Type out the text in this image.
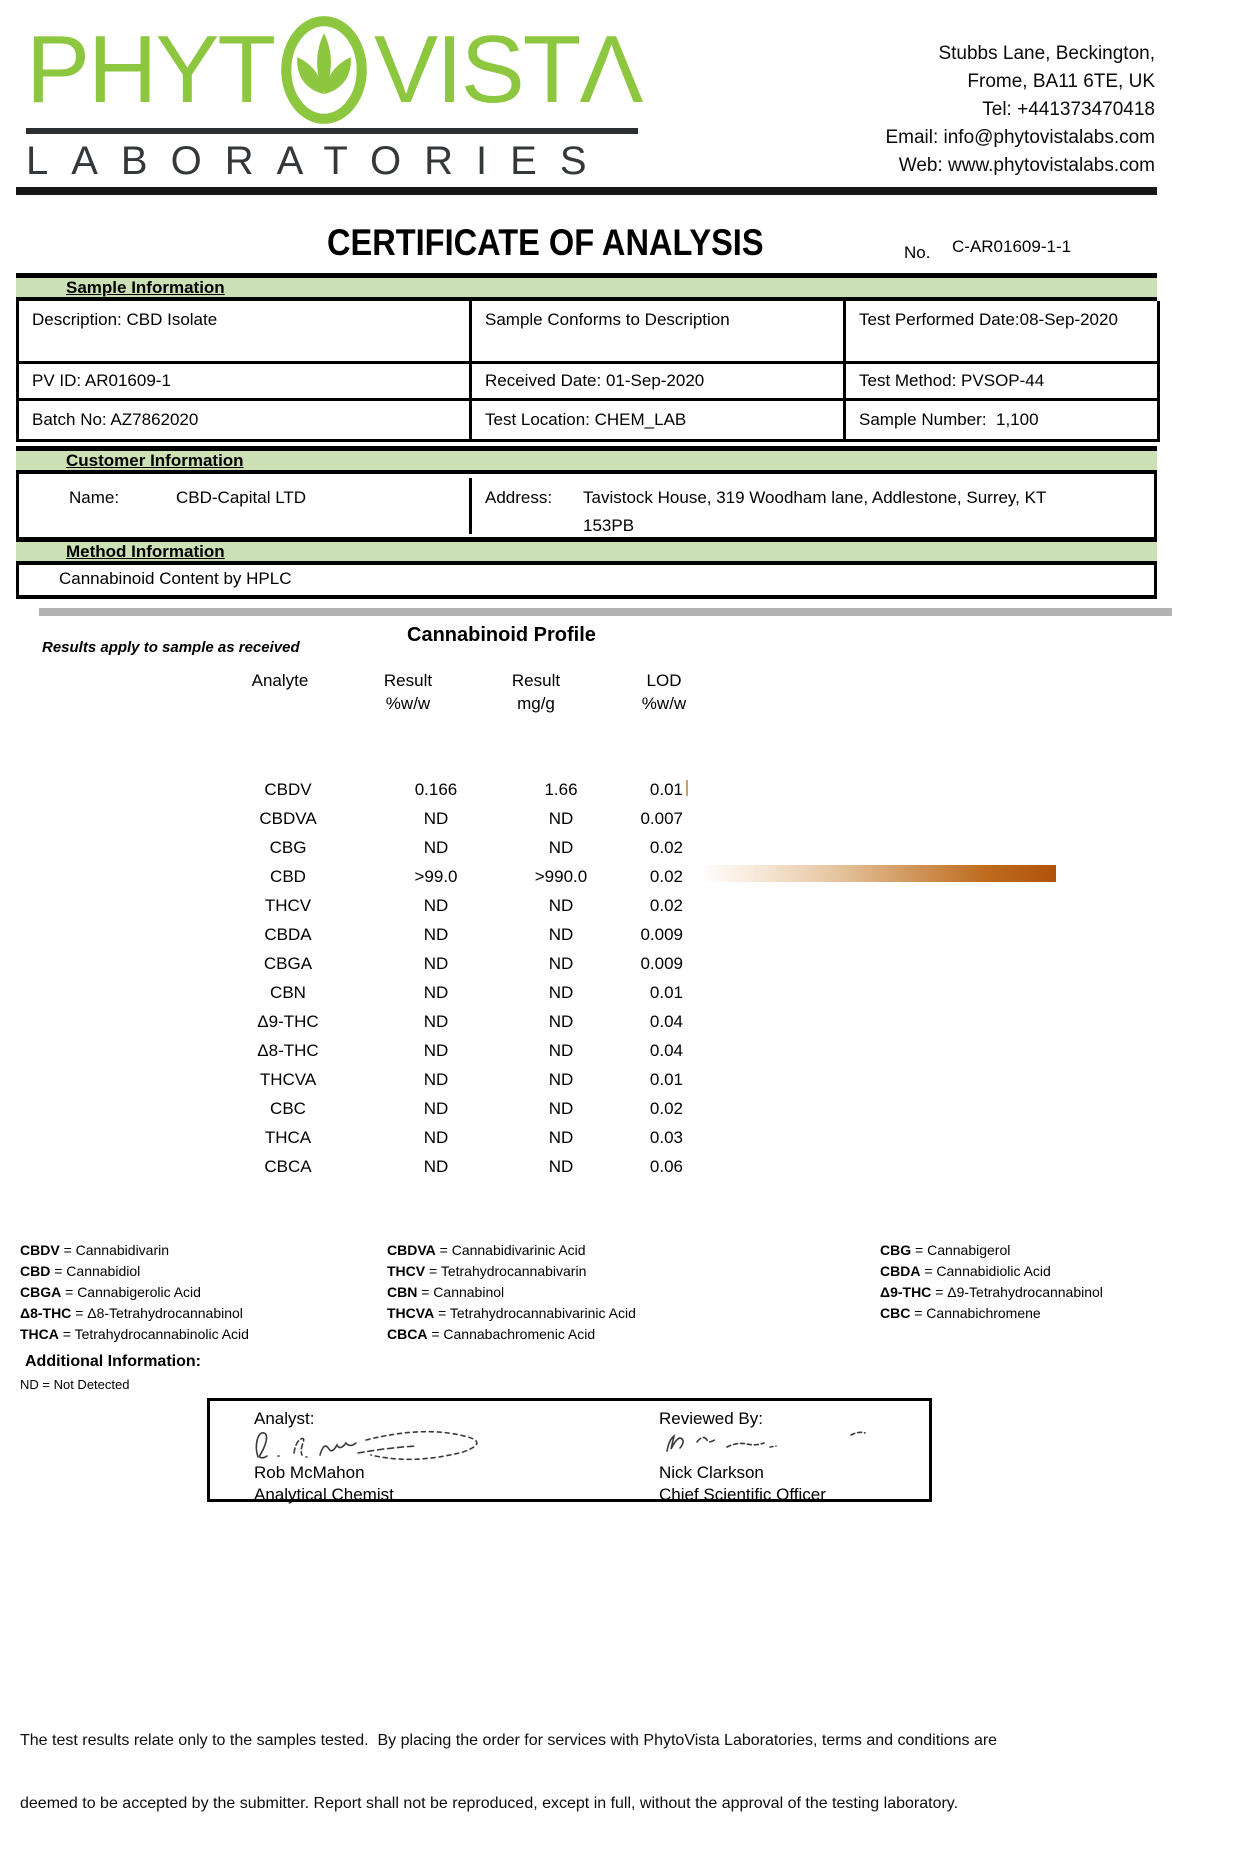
PHYT VIST Λ
LABORATORIES
Stubbs Lane, Beckington,
Frome, BA11 6TE, UK
Tel: +441373470418
Email: info@phytovistalabs.com
Web: www.phytovistalabs.com
CERTIFICATE OF ANALYSIS	No. C-AR01609-1-1
Sample Information
Description: CBD Isolate	Sample Conforms to Description	Test Performed Date:08-Sep-2020
PV ID: AR01609-1	Received Date: 01-Sep-2020	Test Method: PVSOP-44
Batch No: AZ7862020	Test Location: CHEM_LAB	Sample Number:  1,100
Customer Information
Name:	CBD-Capital LTD	Address: Tavistock House, 319 Woodham lane, Addlestone, Surrey, KT 153PB
Method Information
Cannabinoid Content by HPLC
Results apply to sample as received
Cannabinoid Profile
Analyte	Result
%w/w
Result
mg/g
LOD
%w/w
CBDV	0.166	1.66	0.01
CBDVA	ND	ND	0.007
CBG	ND	ND	0.02
CBD	>99.0	>990.0	0.02
THCV	ND	ND	0.02
CBDA	ND	ND	0.009
CBGA	ND	ND	0.009
CBN	ND	ND	0.01
Δ9-THC	ND	ND	0.04
Δ8-THC	ND	ND	0.04
THCVA	ND	ND	0.01
CBC	ND	ND	0.02
THCA	ND	ND	0.03
CBCA	ND	ND	0.06
CBDV = Cannabidivarin
CBD = Cannabidiol
CBGA = Cannabigerolic Acid
Δ8-THC = Δ8-Tetrahydrocannabinol
THCA = Tetrahydrocannabinolic Acid
CBDVA = Cannabidivarinic Acid
THCV = Tetrahydrocannabivarin
CBN = Cannabinol
THCVA = Tetrahydrocannabivarinic Acid
CBCA = Cannabachromenic Acid
CBG = Cannabigerol
CBDA = Cannabidiolic Acid
Δ9-THC = Δ9-Tetrahydrocannabinol
CBC = Cannabichromene
Additional Information:
ND = Not Detected
Analyst:	Reviewed By:
Rob McMahon	Nick Clarkson
Analytical Chemist	Chief Scientific Officer

The test results relate only to the samples tested.  By placing the order for services with PhytoVista Laboratories, terms and conditions are

deemed to be accepted by the submitter. Report shall not be reproduced, except in full, without the approval of the testing laboratory.
